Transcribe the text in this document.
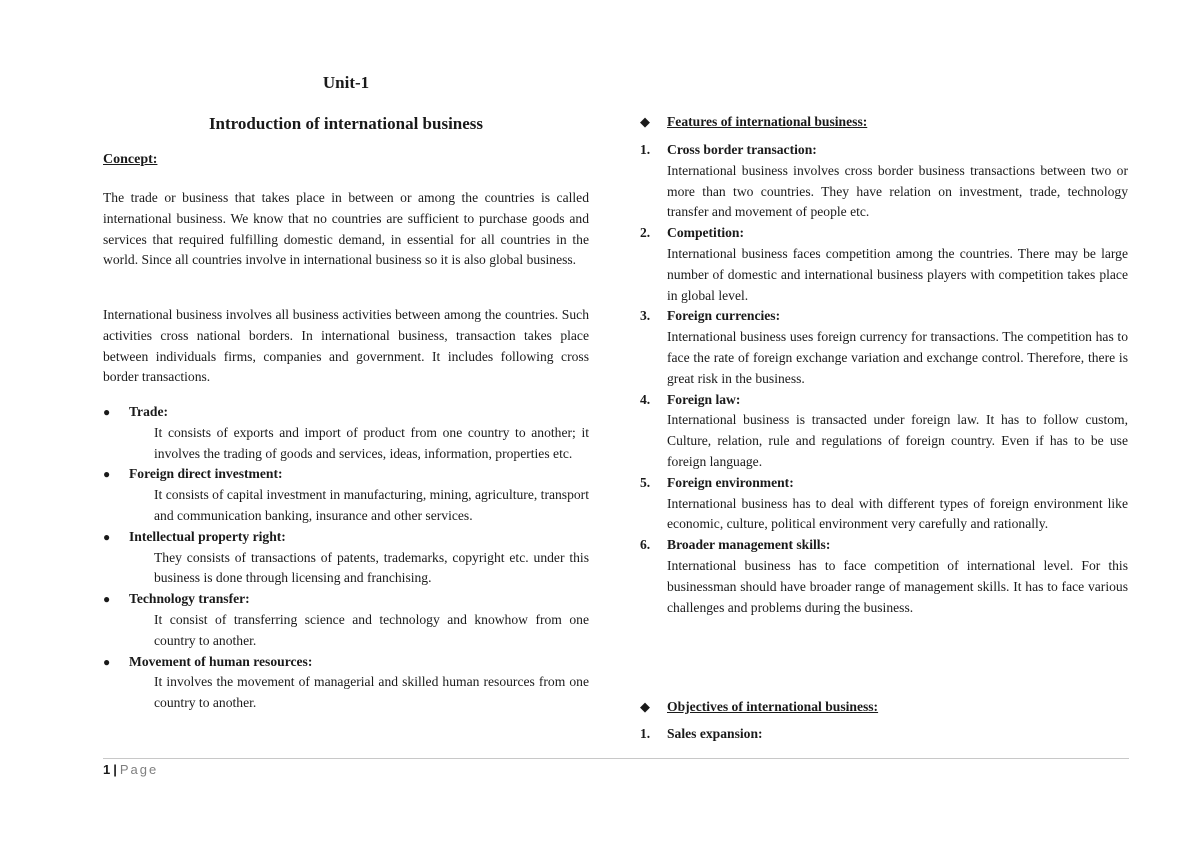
Unit-1
Introduction of international business
Concept:
The trade or business that takes place in between or among the countries is called international business. We know that no countries are sufficient to purchase goods and services that required fulfilling domestic demand, in essential for all countries in the world. Since all countries involve in international business so it is also global business.
International business involves all business activities between among the countries. Such activities cross national borders. In international business, transaction takes place between individuals firms, companies and government. It includes following cross border transactions.
● Trade:
It consists of exports and import of product from one country to another; it involves the trading of goods and services, ideas, information, properties etc.
● Foreign direct investment:
It consists of capital investment in manufacturing, mining, agriculture, transport and communication banking, insurance and other services.
● Intellectual property right:
They consists of transactions of patents, trademarks, copyright etc. under this business is done through licensing and franchising.
● Technology transfer:
It consist of transferring science and technology and knowhow from one country to another.
● Movement of human resources:
It involves the movement of managerial and skilled human resources from one country to another.
◆ Features of international business:
1.	Cross border transaction:
International business involves cross border business transactions between two or more than two countries. They have relation on investment, trade, technology transfer and movement of people etc.
2.	Competition:
International business faces competition among the countries. There may be large number of domestic and international business players with competition takes place in global level.
3.	Foreign currencies:
International business uses foreign currency for transactions. The competition has to face the rate of foreign exchange variation and exchange control. Therefore, there is great risk in the business.
4.	Foreign law:
International business is transacted under foreign law. It has to follow custom, Culture, relation, rule and regulations of foreign country. Even if has to be use foreign language.
5.	Foreign environment:
International business has to deal with different types of foreign environment like economic, culture, political environment very carefully and rationally.
6.	Broader management skills:
International business has to face competition of international level. For this businessman should have broader range of management skills. It has to face various challenges and problems during the business.
◆ Objectives of international business:
1.	Sales expansion:
1 | Page
